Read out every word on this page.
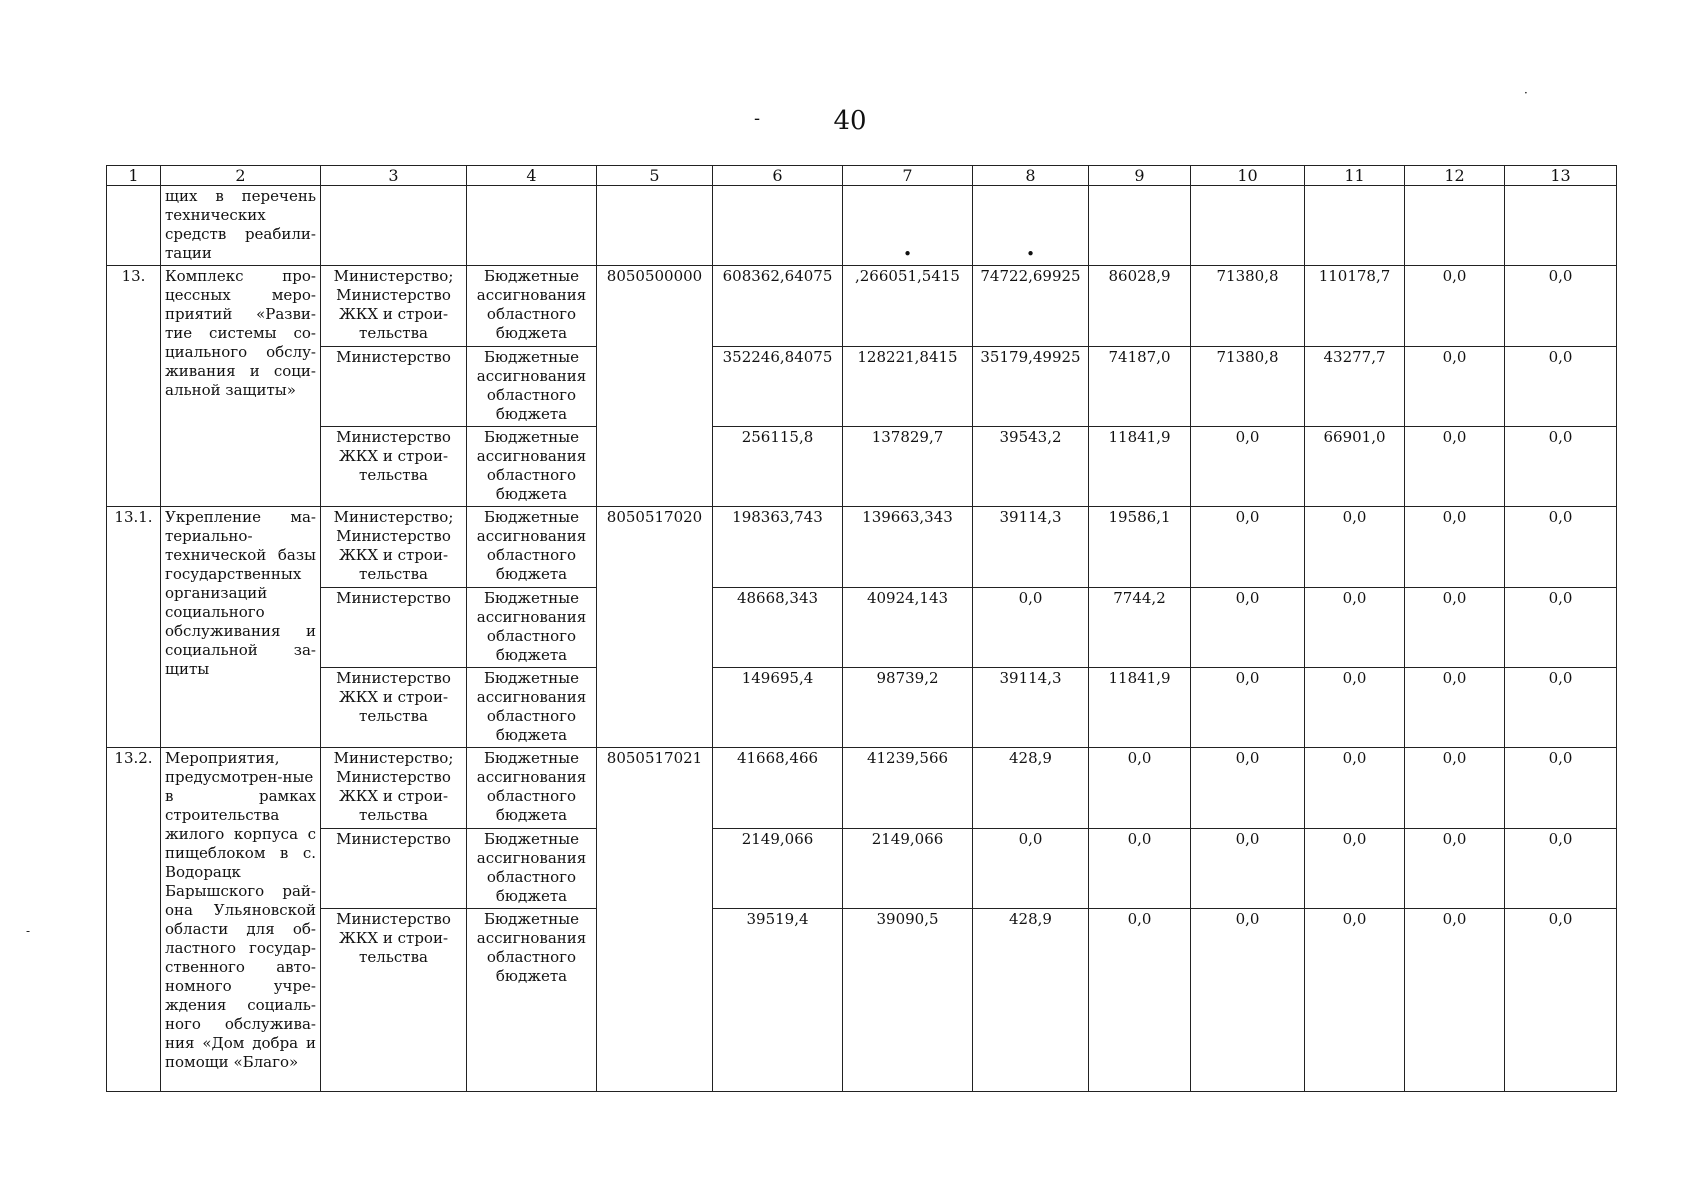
-	40
·
-
1	2	3	4	5	6	7	8	9	10	11	12	13
	щих в перечень технических средств реабили-тации					•	•					
13.	Комплекс про-цессных меро-приятий «Разви-тие системы со-циального обслу-живания и соци-альной защиты»	Министерство; Министерство ЖКХ и строи-тельства	Бюджетные ассигнования областного бюджета	8050500000	608362,64075	,266051,5415	74722,69925	86028,9	71380,8	110178,7	0,0	0,0
		Министерство	Бюджетные ассигнования областного бюджета		352246,84075	128221,8415	35179,49925	74187,0	71380,8	43277,7	0,0	0,0
		Министерство ЖКХ и строи-тельства	Бюджетные ассигнования областного бюджета		256115,8	137829,7	39543,2	11841,9	0,0	66901,0	0,0	0,0
13.1.	Укрепление ма-териально-технической базы государственных организаций социального обслуживания и социальной за-щиты	Министерство; Министерство ЖКХ и строи-тельства	Бюджетные ассигнования областного бюджета	8050517020	198363,743	139663,343	39114,3	19586,1	0,0	0,0	0,0	0,0
		Министерство	Бюджетные ассигнования областного бюджета		48668,343	40924,143	0,0	7744,2	0,0	0,0	0,0	0,0
		Министерство ЖКХ и строи-тельства	Бюджетные ассигнования областного бюджета		149695,4	98739,2	39114,3	11841,9	0,0	0,0	0,0	0,0
13.2.	Мероприятия, предусмотрен-ные в рамках строительства жилого корпуса с пищеблоком в с. Водорацк Барышского рай-она Ульяновской области для об-ластного государ-ственного авто-номного учре-ждения социаль-ного обслужива-ния «Дом добра и помощи «Благо»	Министерство; Министерство ЖКХ и строи-тельства	Бюджетные ассигнования областного бюджета	8050517021	41668,466	41239,566	428,9	0,0	0,0	0,0	0,0	0,0
		Министерство	Бюджетные ассигнования областного бюджета		2149,066	2149,066	0,0	0,0	0,0	0,0	0,0	0,0
		Министерство ЖКХ и строи-тельства	Бюджетные ассигнования областного бюджета		39519,4	39090,5	428,9	0,0	0,0	0,0	0,0	0,0
